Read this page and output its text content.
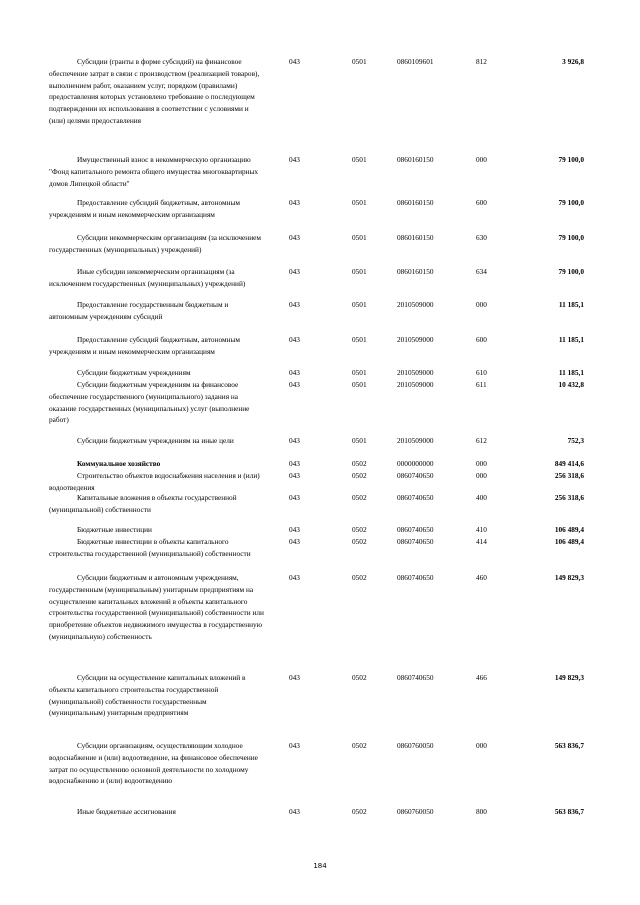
Субсидии (гранты в форме субсидий) на финансовое обеспечение затрат в связи с производством (реализацией товаров), выполнением работ, оказанием услуг, порядком (правилами) предоставления которых установлено требование о последующем подтверждении их использования в соответствии с условиями и (или) целями предоставления
043	0501	0860109601	812	3 926,8
Имущественный взнос в некоммерческую организацию "Фонд капитального ремонта общего имущества многоквартирных домов Липецкой области"
043	0501	0860160150	000	79 100,0
Предоставление субсидий бюджетным, автономным учреждениям и иным некоммерческим организациям
043	0501	0860160150	600	79 100,0
Субсидии некоммерческим организациям (за исключением государственных (муниципальных) учреждений)
043	0501	0860160150	630	79 100,0
Иные субсидии некоммерческим организациям (за исключением государственных (муниципальных) учреждений)
043	0501	0860160150	634	79 100,0
Предоставление государственным бюджетным и автономным учреждениям субсидий
043	0501	2010509000	000	11 185,1
Предоставление субсидий бюджетным, автономным учреждениям и иным некоммерческим организациям
043	0501	2010509000	600	11 185,1
Субсидии бюджетным учреждениям	043	0501	2010509000	610	11 185,1
Субсидии бюджетным учреждениям на финансовое обеспечение государственного (муниципального) задания на оказание государственных (муниципальных) услуг (выполнение работ)
043	0501	2010509000	611	10 432,8
Субсидии бюджетным учреждениям на иные цели	043	0501	2010509000	612	752,3
Коммунальное хозяйство	043	0502	0000000000	000	849 414,6
Строительство объектов водоснабжения населения и (или) водоотведения
043	0502	0860740650	000	256 318,6
Капитальные вложения в объекты государственной (муниципальной) собственности
043	0502	0860740650	400	256 318,6
Бюджетные инвестиции	043	0502	0860740650	410	106 489,4
Бюджетные инвестиции в объекты капитального строительства государственной (муниципальной) собственности
043	0502	0860740650	414	106 489,4
Субсидии бюджетным и автономным учреждениям, государственным (муниципальным) унитарным предприятиям на осуществление капитальных вложений в объекты капитального строительства государственной (муниципальной) собственности или приобретение объектов недвижимого имущества в государственную (муниципальную) собственность
043	0502	0860740650	460	149 829,3
Субсидии на осуществление капитальных вложений в объекты капитального строительства государственной (муниципальной) собственности государственным (муниципальным) унитарным предприятиям
043	0502	0860740650	466	149 829,3
Субсидии организациям, осуществляющим холодное водоснабжение и (или) водоотведение, на финансовое обеспечение затрат по осуществлению основной деятельности по холодному водоснабжению и (или) водоотведению
043	0502	0860760050	000	563 836,7
Иные бюджетные ассигнования	043	0502	0860760050	800	563 836,7
184
